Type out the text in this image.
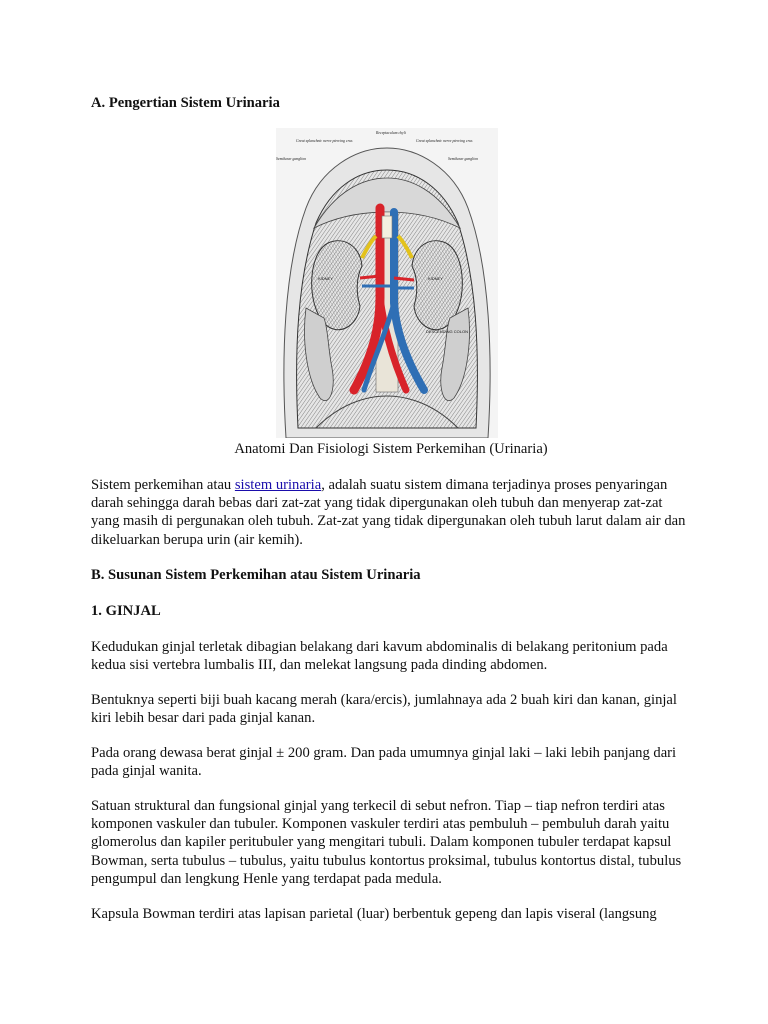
A. Pengertian Sistem Urinaria
Receptaculum chyli
Great splanchnic nerve piercing crus	Great splanchnic nerve piercing crus
Semilunar ganglion	Semilunar ganglion
KIDNEY	KIDNEY
DESCENDING COLON

Anatomi Dan Fisiologi Sistem Perkemihan (Urinaria)

Sistem perkemihan atau sistem urinaria, adalah suatu sistem dimana terjadinya proses penyaringan darah sehingga darah bebas dari zat-zat yang tidak dipergunakan oleh tubuh dan menyerap zat-zat yang masih di pergunakan oleh tubuh. Zat-zat yang tidak dipergunakan oleh tubuh larut dalam air dan dikeluarkan berupa urin (air kemih).

B. Susunan Sistem Perkemihan atau Sistem Urinaria
1. GINJAL

Kedudukan ginjal terletak dibagian belakang dari kavum abdominalis di belakang peritonium pada kedua sisi vertebra lumbalis III, dan melekat langsung pada dinding abdomen.

Bentuknya seperti biji buah kacang merah (kara/ercis), jumlahnaya ada 2 buah kiri dan kanan, ginjal kiri lebih besar dari pada ginjal kanan.

Pada orang dewasa berat ginjal ± 200 gram. Dan pada umumnya ginjal laki – laki lebih panjang dari pada ginjal wanita.

Satuan struktural dan fungsional ginjal yang terkecil di sebut nefron. Tiap – tiap nefron terdiri atas komponen vaskuler dan tubuler. Komponen vaskuler terdiri atas pembuluh – pembuluh darah yaitu glomerolus dan kapiler peritubuler yang mengitari tubuli. Dalam komponen tubuler terdapat kapsul Bowman, serta tubulus – tubulus, yaitu tubulus kontortus proksimal, tubulus kontortus distal, tubulus pengumpul dan lengkung Henle yang terdapat pada medula.

Kapsula Bowman terdiri atas lapisan parietal (luar) berbentuk gepeng dan lapis viseral (langsung
